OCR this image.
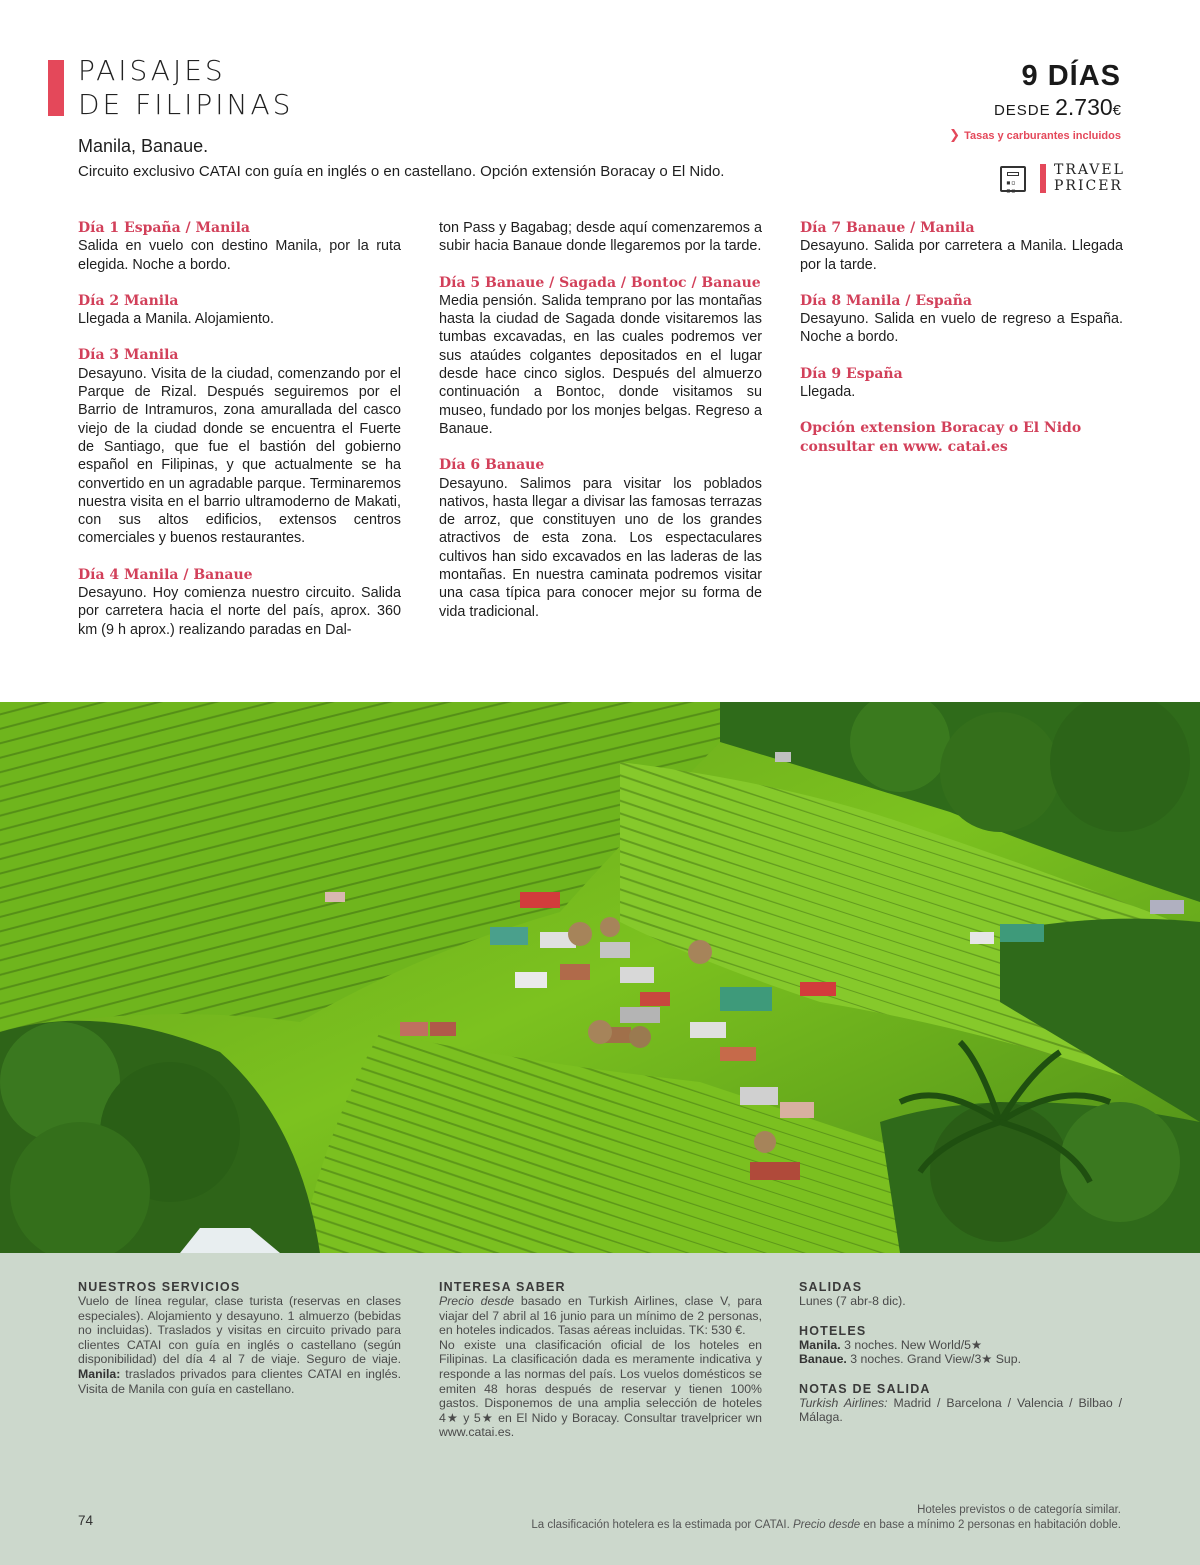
PAISAJES
DE FILIPINAS
Manila, Banaue.
Circuito exclusivo CATAI con guía en inglés o en castellano. Opción extensión Boracay o El Nido.
9 DÍAS
DESDE 2.730€
❯ Tasas y carburantes incluidos
▪▫
▪▫
TRAVEL
PRICER
Día 1 España / Manila
Salida en vuelo con destino Manila, por la ruta elegida. Noche a bordo.
Día 2 Manila
Llegada a Manila. Alojamiento.
Día 3 Manila
Desayuno. Visita de la ciudad, comenzando por el Parque de Rizal. Después seguiremos por el Barrio de Intramuros, zona amurallada del casco viejo de la ciudad donde se encuentra el Fuerte de Santiago, que fue el bastión del gobierno español en Filipinas, y que actualmente se ha convertido en un agradable parque. Terminaremos nuestra visita en el barrio ultramoderno de Makati, con sus altos edificios, extensos centros comerciales y buenos restaurantes.
Día 4 Manila / Banaue
Desayuno. Hoy comienza nuestro circuito. Salida por carretera hacia el norte del país, aprox. 360 km (9 h aprox.) realizando paradas en Dal-
ton Pass y Bagabag; desde aquí comenzaremos a subir hacia Banaue donde llegaremos por la tarde.
Día 5 Banaue / Sagada / Bontoc / Banaue
Media pensión. Salida temprano por las montañas hasta la ciudad de Sagada donde visitaremos las tumbas excavadas, en las cuales podremos ver sus ataúdes colgantes depositados en el lugar desde hace cinco siglos. Después del almuerzo continuación a Bontoc, donde visitamos su museo, fundado por los monjes belgas. Regreso a Banaue.
Día 6 Banaue
Desayuno. Salimos para visitar los poblados nativos, hasta llegar a divisar las famosas terrazas de arroz, que constituyen uno de los grandes atractivos de esta zona. Los espectaculares cultivos han sido excavados en las laderas de las montañas. En nuestra caminata podremos visitar una casa típica para conocer mejor su forma de vida tradicional.
Día 7 Banaue / Manila
Desayuno. Salida por carretera a Manila. Llegada por la tarde.
Día 8 Manila / España
Desayuno. Salida en vuelo de regreso a España. Noche a bordo.
Día 9 España
Llegada.
Opción extension Boracay o El Nido consultar en www. catai.es
NUESTROS SERVICIOS
Vuelo de línea regular, clase turista (reservas en clases especiales). Alojamiento y desayuno. 1 almuerzo (bebidas no incluidas). Traslados y visitas en circuito privado para clientes CATAI con guía en inglés o castellano (según disponibilidad) del día 4 al 7 de viaje. Seguro de viaje. Manila: traslados privados para clientes CATAI en inglés. Visita de Manila con guía en castellano.
INTERESA SABER
Precio desde basado en Turkish Airlines, clase V, para viajar del 7 abril al 16 junio para un mínimo de 2 personas, en hoteles indicados. Tasas aéreas incluidas. TK: 530 €.
No existe una clasificación oficial de los hoteles en Filipinas. La clasificación dada es meramente indicativa y responde a las normas del país. Los vuelos domésticos se emiten 48 horas después de reservar y tienen 100% gastos. Disponemos de una amplia selección de hoteles 4★ y 5★ en El Nido y Boracay. Consultar travelpricer wn www.catai.es.
SALIDAS
Lunes (7 abr-8 dic).
HOTELES
Manila. 3 noches. New World/5★
Banaue. 3 noches. Grand View/3★ Sup.
NOTAS DE SALIDA
Turkish Airlines: Madrid / Barcelona / Valencia / Bilbao / Málaga.
74
Hoteles previstos o de categoría similar.
La clasificación hotelera es la estimada por CATAI. Precio desde en base a mínimo 2 personas en habitación doble.
